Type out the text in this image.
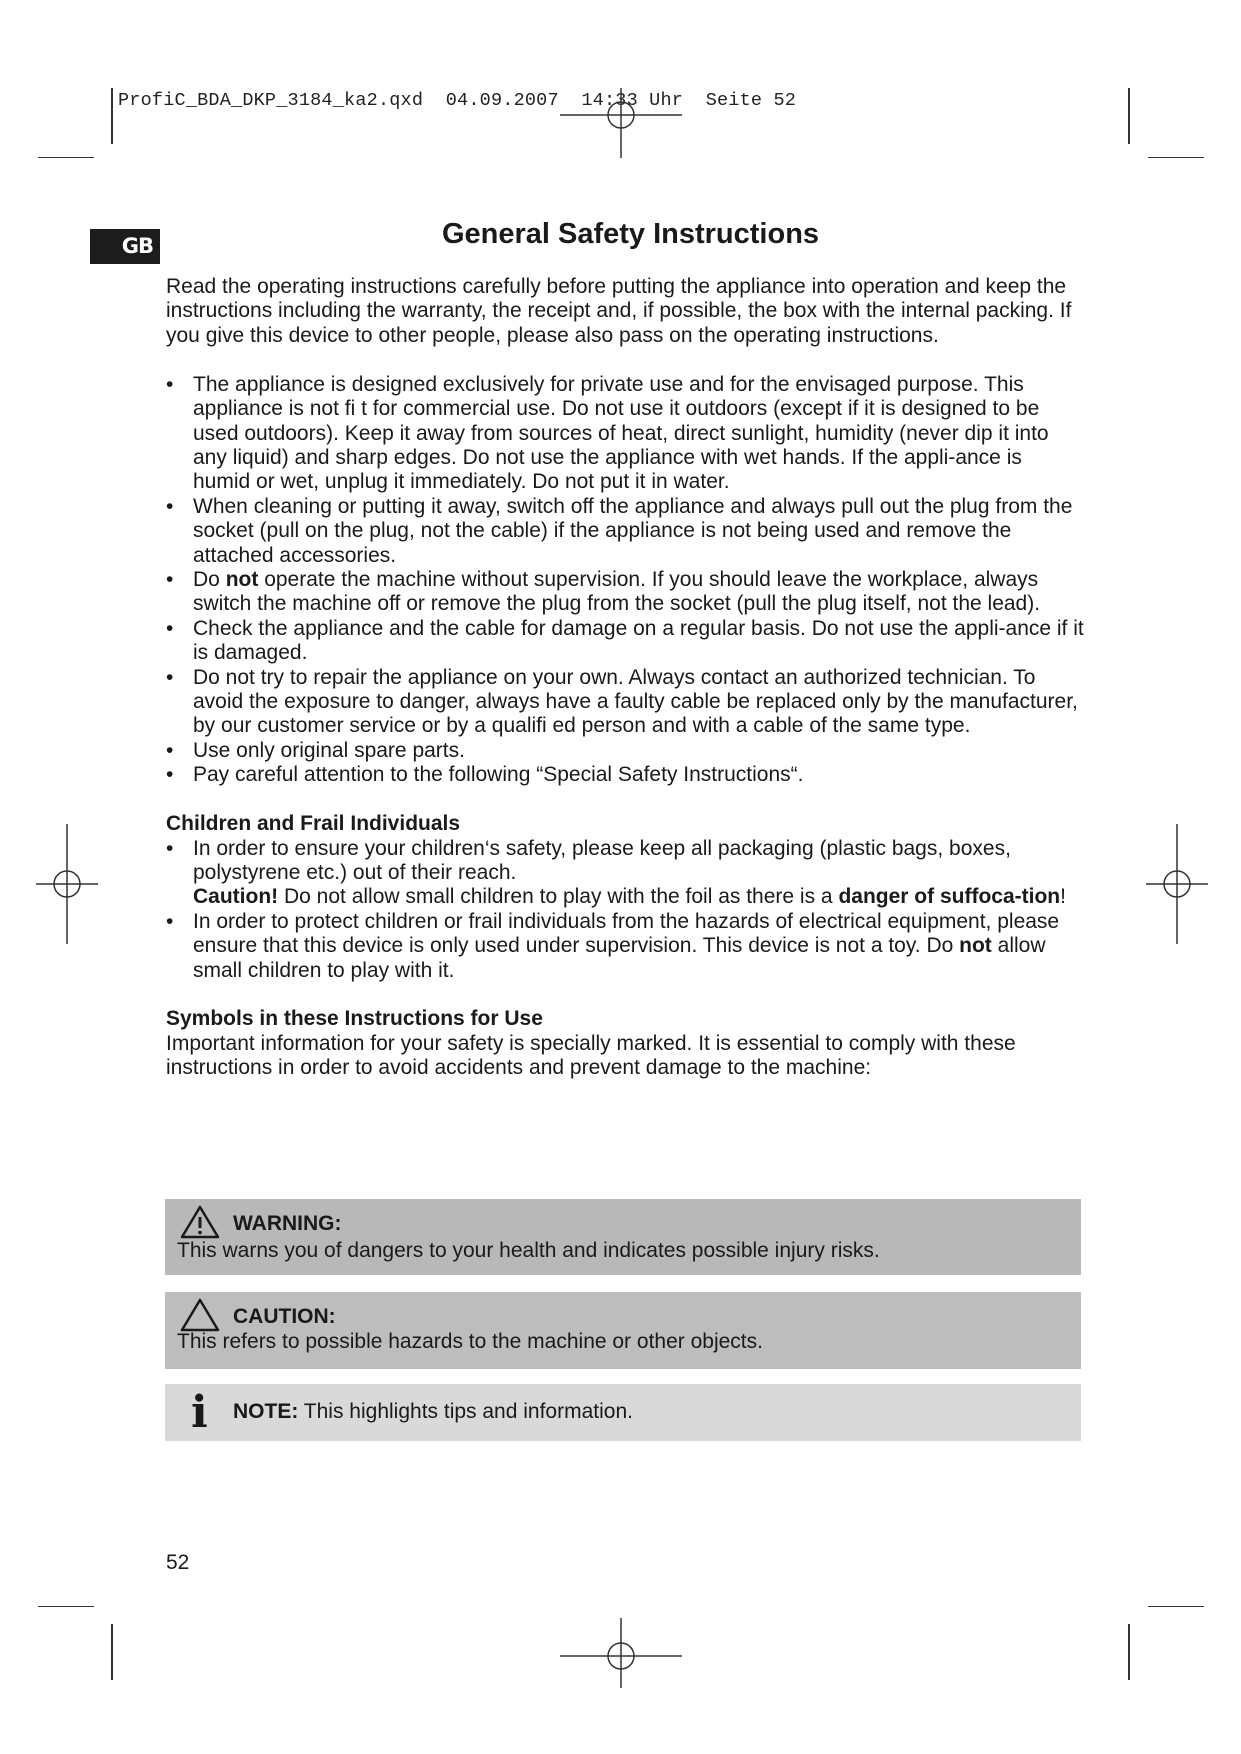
ProfiC_BDA_DKP_3184_ka2.qxd  04.09.2007  14:33 Uhr  Seite 52
GB	General Safety Instructions

Read the operating instructions carefully before putting the appliance into operation and keep the instructions including the warranty, the receipt and, if possible, the box with the internal packing. If you give this device to other people, please also pass on the operating instructions.

• The appliance is designed exclusively for private use and for the envisaged purpose. This appliance is not fi t for commercial use. Do not use it outdoors (except if it is designed to be used outdoors). Keep it away from sources of heat, direct sunlight, humidity (never dip it into any liquid) and sharp edges. Do not use the appliance with wet hands. If the appli-ance is humid or wet, unplug it immediately. Do not put it in water.
• When cleaning or putting it away, switch off the appliance and always pull out the plug from the socket (pull on the plug, not the cable) if the appliance is not being used and remove the attached accessories.
• Do not operate the machine without supervision. If you should leave the workplace, always switch the machine off or remove the plug from the socket (pull the plug itself, not the lead).
• Check the appliance and the cable for damage on a regular basis. Do not use the appli-ance if it is damaged.
• Do not try to repair the appliance on your own. Always contact an authorized technician. To avoid the exposure to danger, always have a faulty cable be replaced only by the manufacturer, by our customer service or by a qualifi ed person and with a cable of the same type.
• Use only original spare parts.
• Pay careful attention to the following “Special Safety Instructions“.

Children and Frail Individuals

• In order to ensure your children‘s safety, please keep all packaging (plastic bags, boxes, polystyrene etc.) out of their reach.
Caution! Do not allow small children to play with the foil as there is a danger of suffoca-tion!
• In order to protect children or frail individuals from the hazards of electrical equipment, please ensure that this device is only used under supervision. This device is not a toy. Do not allow small children to play with it.

Symbols in these Instructions for Use

Important information for your safety is specially marked. It is essential to comply with these instructions in order to avoid accidents and prevent damage to the machine:

WARNING:
This warns you of dangers to your health and indicates possible injury risks.
CAUTION:
This refers to possible hazards to the machine or other objects.
i NOTE: This highlights tips and information.
52
